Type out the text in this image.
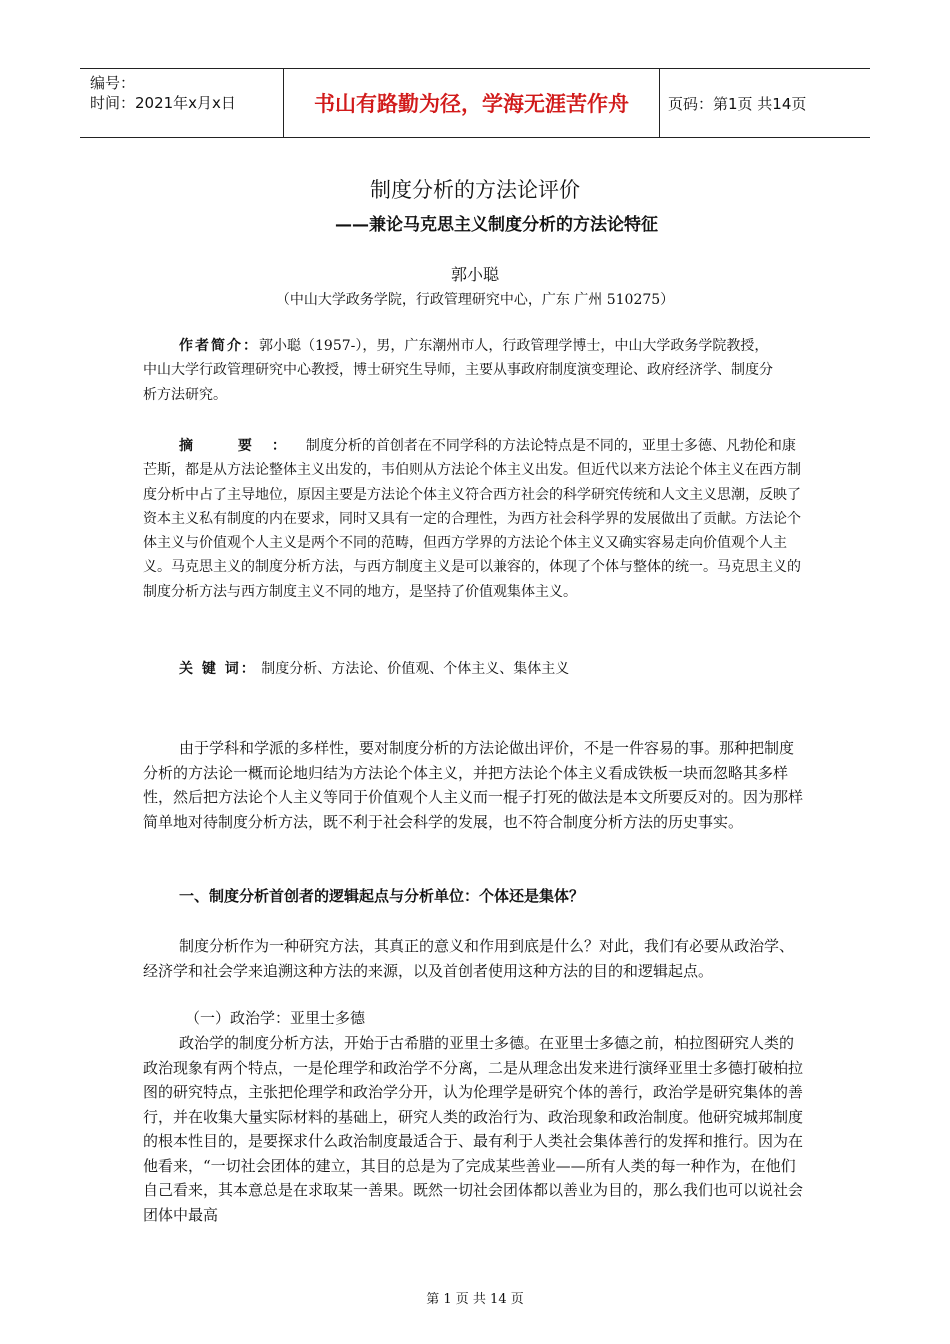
编号：
时间：2021年x月x日	书山有路勤为径，学海无涯苦作舟	页码：第1页 共14页
制度分析的方法论评价
——兼论马克思主义制度分析的方法论特征
郭小聪
（中山大学政务学院，行政管理研究中心，广东 广州 510275）
作者简介：郭小聪（1957-），男，广东潮州市人，行政管理学博士，中山大学政务学院教授，中山大学行政管理研究中心教授，博士研究生导师，主要从事政府制度演变理论、政府经济学、制度分析方法研究。
摘 要：制度分析的首创者在不同学科的方法论特点是不同的，亚里士多德、凡勃伦和康芒斯，都是从方法论整体主义出发的，韦伯则从方法论个体主义出发。但近代以来方法论个体主义在西方制度分析中占了主导地位，原因主要是方法论个体主义符合西方社会的科学研究传统和人文主义思潮，反映了资本主义私有制度的内在要求，同时又具有一定的合理性，为西方社会科学界的发展做出了贡献。方法论个体主义与价值观个人主义是两个不同的范畴，但西方学界的方法论个体主义又确实容易走向价值观个人主义。马克思主义的制度分析方法，与西方制度主义是可以兼容的，体现了个体与整体的统一。马克思主义的制度分析方法与西方制度主义不同的地方，是坚持了价值观集体主义。
关 键 词： 制度分析、方法论、价值观、个体主义、集体主义
由于学科和学派的多样性，要对制度分析的方法论做出评价，不是一件容易的事。那种把制度分析的方法论一概而论地归结为方法论个体主义，并把方法论个体主义看成铁板一块而忽略其多样性，然后把方法论个人主义等同于价值观个人主义而一棍子打死的做法是本文所要反对的。因为那样简单地对待制度分析方法，既不利于社会科学的发展，也不符合制度分析方法的历史事实。
一、制度分析首创者的逻辑起点与分析单位：个体还是集体？
制度分析作为一种研究方法，其真正的意义和作用到底是什么？对此，我们有必要从政治学、经济学和社会学来追溯这种方法的来源，以及首创者使用这种方法的目的和逻辑起点。
（一）政治学：亚里士多德
政治学的制度分析方法，开始于古希腊的亚里士多德。在亚里士多德之前，柏拉图研究人类的政治现象有两个特点，一是伦理学和政治学不分离，二是从理念出发来进行演绎亚里士多德打破柏拉图的研究特点，主张把伦理学和政治学分开，认为伦理学是研究个体的善行，政治学是研究集体的善行，并在收集大量实际材料的基础上，研究人类的政治行为、政治现象和政治制度。他研究城邦制度的根本性目的，是要探求什么政治制度最适合于、最有利于人类社会集体善行的发挥和推行。因为在他看来，“一切社会团体的建立，其目的总是为了完成某些善业——所有人类的每一种作为，在他们自己看来，其本意总是在求取某一善果。既然一切社会团体都以善业为目的，那么我们也可以说社会团体中最高
第 1 页 共 14 页
